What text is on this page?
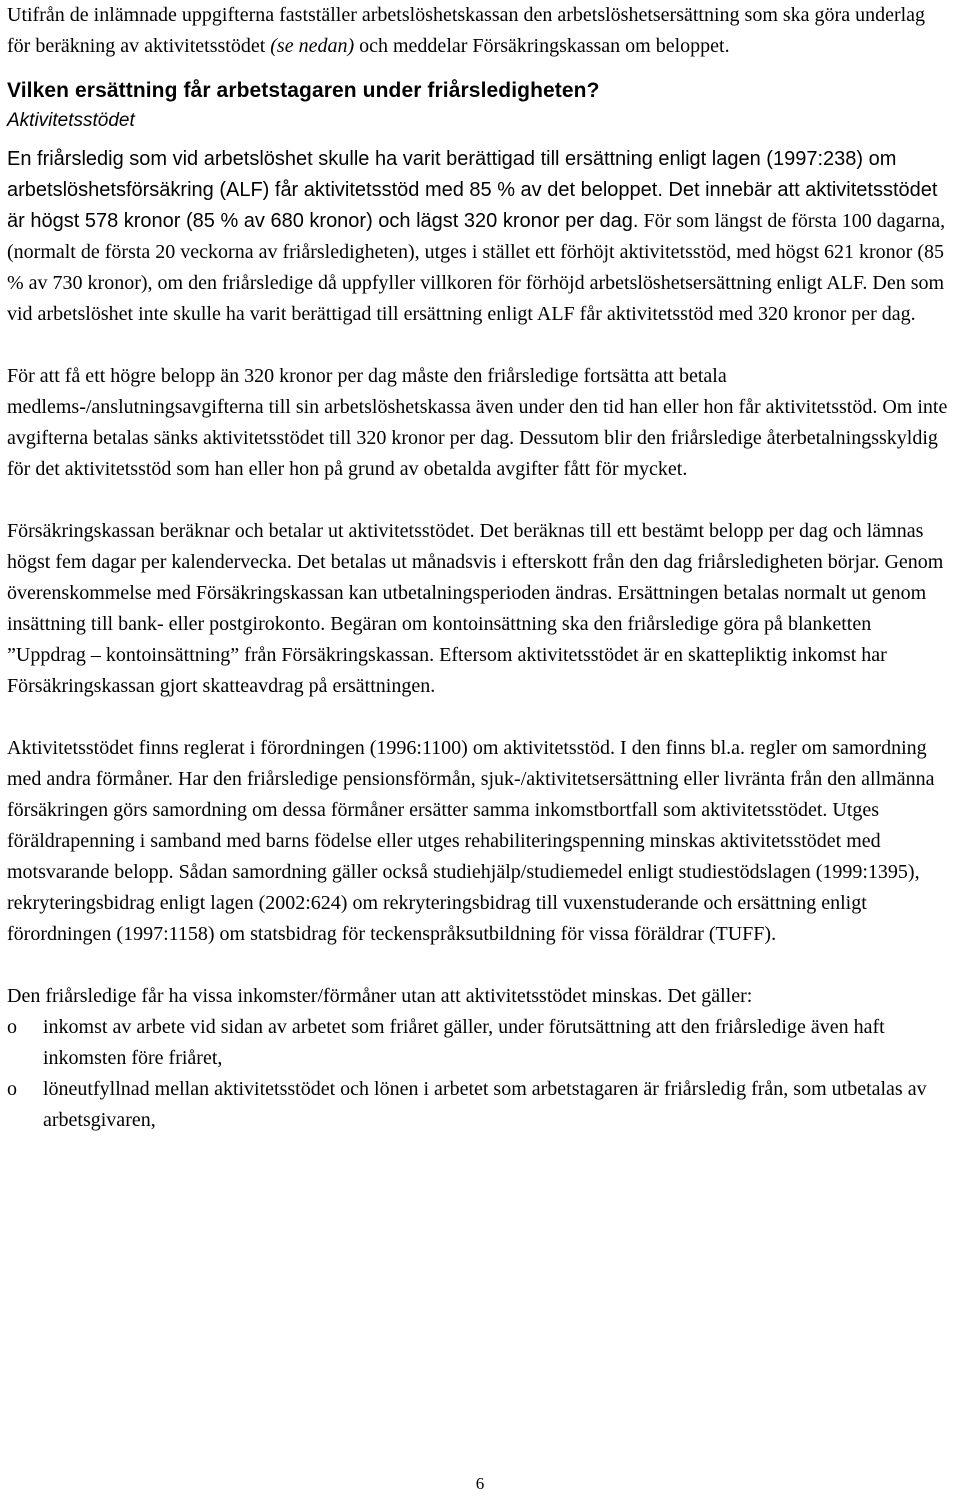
Utifrån de inlämnade uppgifterna fastställer arbetslöshetskassan den arbetslöshetsersättning som ska göra underlag för beräkning av aktivitetsstödet (se nedan) och meddelar Försäkringskassan om beloppet.

Vilken ersättning får arbetstagaren under friårsledigheten?
Aktivitetsstödet

En friårsledig som vid arbetslöshet skulle ha varit berättigad till ersättning enligt lagen (1997:238) om arbetslöshetsförsäkring (ALF) får aktivitetsstöd med 85 % av det beloppet. Det innebär att aktivitetsstödet är högst 578 kronor (85 % av 680 kronor) och lägst 320 kronor per dag. För som längst de första 100 dagarna, (normalt de första 20 veckorna av friårsledigheten), utges i stället ett förhöjt aktivitetsstöd, med högst 621 kronor (85 % av 730 kronor), om den friårsledige då uppfyller villkoren för förhöjd arbetslöshetsersättning enligt ALF. Den som vid arbetslöshet inte skulle ha varit berättigad till ersättning enligt ALF får aktivitetsstöd med 320 kronor per dag.

För att få ett högre belopp än 320 kronor per dag måste den friårsledige fortsätta att betala medlems-/anslutningsavgifterna till sin arbetslöshetskassa även under den tid han eller hon får aktivitetsstöd. Om inte avgifterna betalas sänks aktivitetsstödet till 320 kronor per dag. Dessutom blir den friårsledige återbetalningsskyldig för det aktivitetsstöd som han eller hon på grund av obetalda avgifter fått för mycket.

Försäkringskassan beräknar och betalar ut aktivitetsstödet. Det beräknas till ett bestämt belopp per dag och lämnas högst fem dagar per kalendervecka. Det betalas ut månadsvis i efterskott från den dag friårsledigheten börjar. Genom överenskommelse med Försäkringskassan kan utbetalningsperioden ändras. Ersättningen betalas normalt ut genom insättning till bank- eller postgirokonto. Begäran om kontoinsättning ska den friårsledige göra på blanketten ”Uppdrag – kontoinsättning” från Försäkringskassan. Eftersom aktivitetsstödet är en skattepliktig inkomst har Försäkringskassan gjort skatteavdrag på ersättningen.

Aktivitetsstödet finns reglerat i förordningen (1996:1100) om aktivitetsstöd. I den finns bl.a. regler om samordning med andra förmåner. Har den friårsledige pensionsförmån, sjuk-/aktivitetsersättning eller livränta från den allmänna försäkringen görs samordning om dessa förmåner ersätter samma inkomstbortfall som aktivitetsstödet. Utges föräldrapenning i samband med barns födelse eller utges rehabiliteringspenning minskas aktivitetsstödet med motsvarande belopp. Sådan samordning gäller också studiehjälp/studiemedel enligt studiestödslagen (1999:1395), rekryteringsbidrag enligt lagen (2002:624) om rekryteringsbidrag till vuxenstuderande och ersättning enligt förordningen (1997:1158) om statsbidrag för teckenspråksutbildning för vissa föräldrar (TUFF).

Den friårsledige får ha vissa inkomster/förmåner utan att aktivitetsstödet minskas. Det gäller:

o inkomst av arbete vid sidan av arbetet som friåret gäller, under förutsättning att den friårsledige även haft inkomsten före friåret,
o löneutfyllnad mellan aktivitetsstödet och lönen i arbetet som arbetstagaren är friårsledig från, som utbetalas av arbetsgivaren,
6
